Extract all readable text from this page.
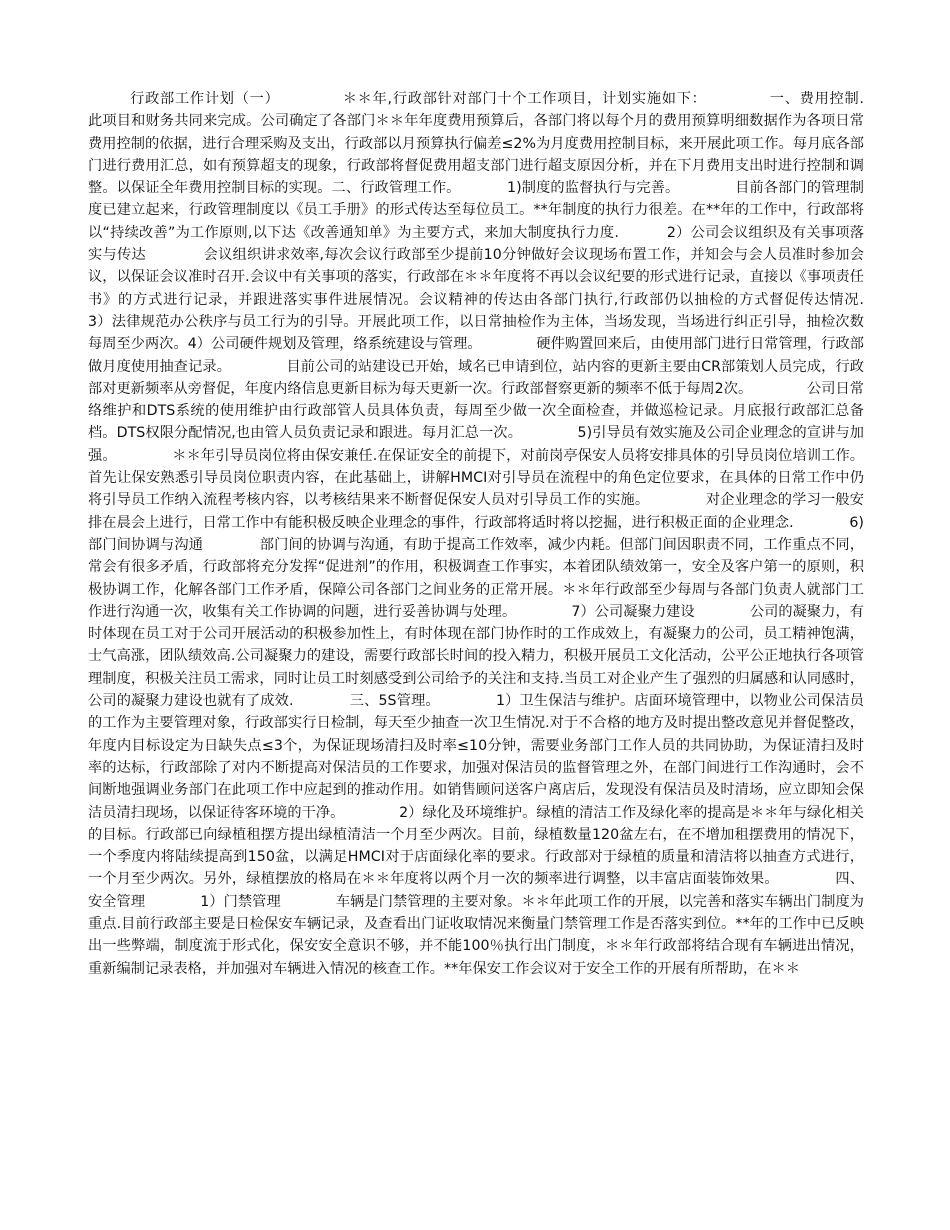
行政部工作计划（一）            ＊＊年,行政部针对部门十个工作项目，计划实施如下：            一、费用控制.            此项目和财务共同来完成。公司确定了各部门＊＊年年度费用预算后，各部门将以每个月的费用预算明细数据作为各项日常费用控制的依据，进行合理采购及支出，行政部以月预算执行偏差≤2%为月度费用控制目标，来开展此项工作。每月底各部门进行费用汇总，如有预算超支的现象，行政部将督促费用超支部门进行超支原因分析，并在下月费用支出时进行控制和调整。以保证全年费用控制目标的实现。二、行政管理工作。          1)制度的监督执行与完善。            目前各部门的管理制度已建立起来，行政管理制度以《员工手册》的形式传达至每位员工。**年制度的执行力很差。在**年的工作中，行政部将以“持续改善”为工作原则,以下达《改善通知单》为主要方式，来加大制度执行力度.          2）公司会议组织及有关事项落实与传达            会议组织讲求效率,每次会议行政部至少提前10分钟做好会议现场布置工作，并知会与会人员准时参加会议，以保证会议准时召开.会议中有关事项的落实，行政部在＊＊年度将不再以会议纪要的形式进行记录，直接以《事项责任书》的方式进行记录，并跟进落实事件进展情况。会议精神的传达由各部门执行,行政部仍以抽检的方式督促传达情况.            3）法律规范办公秩序与员工行为的引导。开展此项工作，以日常抽检作为主体，当场发现，当场进行纠正引导，抽检次数每周至少两次。4）公司硬件规划及管理，络系统建设与管理。            硬件购置回来后，由使用部门进行日常管理，行政部做月度使用抽查记录。            目前公司的站建设已开始，域名已申请到位，站内容的更新主要由CR部策划人员完成，行政部对更新频率从旁督促，年度内络信息更新目标为每天更新一次。行政部督察更新的频率不低于每周2次。            公司日常络维护和DTS系统的使用维护由行政部管人员具体负责，每周至少做一次全面检查，并做巡检记录。月底报行政部汇总备档。DTS权限分配情况,也由管人员负责记录和跟进。每月汇总一次。            5)引导员有效实施及公司企业理念的宣讲与加强。            ＊＊年引导员岗位将由保安兼任.在保证安全的前提下，对前岗亭保安人员将安排具体的引导员岗位培训工作。首先让保安熟悉引导员岗位职责内容，在此基础上，讲解HMCI对引导员在流程中的角色定位要求，在具体的日常工作中仍将引导员工作纳入流程考核内容，以考核结果来不断督促保安人员对引导员工作的实施。            对企业理念的学习一般安排在晨会上进行，日常工作中有能积极反映企业理念的事件，行政部将适时将以挖掘，进行积极正面的企业理念.            6)部门间协调与沟通            部门间的协调与沟通，有助于提高工作效率，减少内耗。但部门间因职责不同，工作重点不同，常会有很多矛盾，行政部将充分发挥“促进剂”的作用，积极调查工作事实，本着团队绩效第一，安全及客户第一的原则，积极协调工作，化解各部门工作矛盾，保障公司各部门之间业务的正常开展。＊＊年行政部至少每周与各部门负责人就部门工作进行沟通一次，收集有关工作协调的问题，进行妥善协调与处理。            7）公司凝聚力建设            公司的凝聚力，有时体现在员工对于公司开展活动的积极参加性上，有时体现在部门协作时的工作成效上，有凝聚力的公司，员工精神饱满，士气高涨，团队绩效高.公司凝聚力的建设，需要行政部长时间的投入精力，积极开展员工文化活动，公平公正地执行各项管理制度，积极关注员工需求，同时让员工时刻感受到公司给予的关注和支持.当员工对企业产生了强烈的归属感和认同感时，公司的凝聚力建设也就有了成效.            三、5S管理。            1）卫生保洁与维护。店面环境管理中，以物业公司保洁员的工作为主要管理对象，行政部实行日检制，每天至少抽查一次卫生情况.对于不合格的地方及时提出整改意见并督促整改，年度内目标设定为日缺失点≤3个，为保证现场清扫及时率≤10分钟，需要业务部门工作人员的共同协助，为保证清扫及时率的达标，行政部除了对内不断提高对保洁员的工作要求，加强对保洁员的监督管理之外，在部门间进行工作沟通时，会不间断地强调业务部门在此项工作中应起到的推动作用。如销售顾问送客户离店后，发现没有保洁员及时清场，应立即知会保洁员清扫现场，以保证待客环境的干净。            2）绿化及环境维护。绿植的清洁工作及绿化率的提高是＊＊年与绿化相关的目标。行政部已向绿植租摆方提出绿植清洁一个月至少两次。目前，绿植数量120盆左右，在不增加租摆费用的情况下，一个季度内将陆续提高到150盆，以满足HMCI对于店面绿化率的要求。行政部对于绿植的质量和清洁将以抽查方式进行，一个月至少两次。另外，绿植摆放的格局在＊＊年度将以两个月一次的频率进行调整，以丰富店面装饰效果。            四、安全管理            1）门禁管理            车辆是门禁管理的主要对象。＊＊年此项工作的开展，以完善和落实车辆出门制度为重点.目前行政部主要是日检保安车辆记录，及查看出门证收取情况来衡量门禁管理工作是否落实到位。**年的工作中已反映出一些弊端，制度流于形式化，保安安全意识不够，并不能100％执行出门制度，＊＊年行政部将结合现有车辆进出情况，重新编制记录表格，并加强对车辆进入情况的核查工作。**年保安工作会议对于安全工作的开展有所帮助，在＊＊
